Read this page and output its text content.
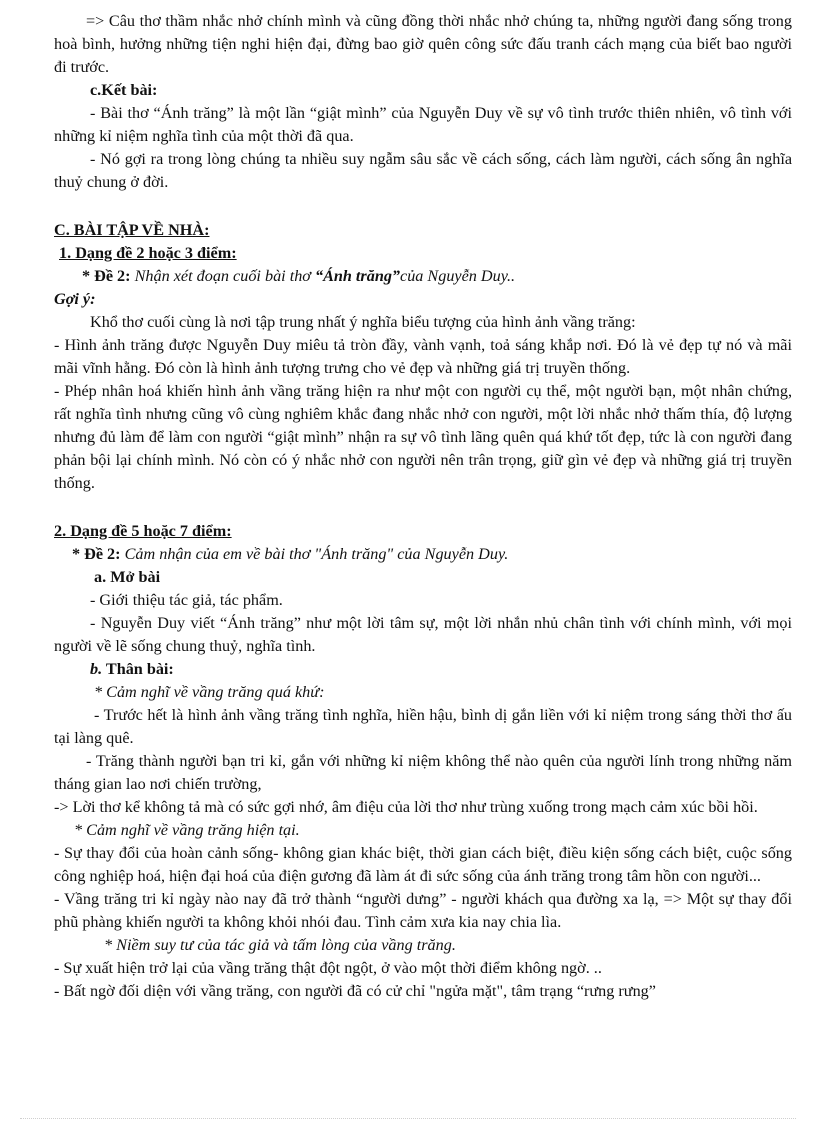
=> Câu thơ thầm nhắc nhở chính mình và cũng đồng thời nhắc nhở chúng ta, những người đang sống trong hoà bình, hưởng những tiện nghi hiện đại, đừng bao giờ quên công sức đấu tranh cách mạng của biết bao người đi trước.

c.Kết bài:

- Bài thơ “Ánh trăng” là một lần “giật mình” của Nguyễn Duy về sự vô tình trước thiên nhiên, vô tình với những kỉ niệm nghĩa tình của một thời đã qua.

- Nó gợi ra trong lòng chúng ta nhiều suy ngẫm sâu sắc về cách sống, cách làm người, cách sống ân nghĩa thuỷ chung ở đời.

C. BÀI TẬP VỀ NHÀ:

1. Dạng đề 2 hoặc 3 điểm:

* Đề 2: Nhận xét đoạn cuối bài thơ “Ánh trăng”của Nguyễn Duy..

Gợi ý:

Khổ thơ cuối cùng là nơi tập trung nhất ý nghĩa biểu tượng của hình ảnh vầng trăng:

- Hình ảnh trăng được Nguyễn Duy miêu tả tròn đầy, vành vạnh, toả sáng khắp nơi. Đó là vẻ đẹp tự nó và mãi mãi vĩnh hằng. Đó còn là hình ảnh tượng trưng cho vẻ đẹp và những giá trị truyền thống.

- Phép nhân hoá khiến hình ảnh vầng trăng hiện ra như một con người cụ thể, một người bạn, một nhân chứng, rất nghĩa tình nhưng cũng vô cùng nghiêm khắc đang nhắc nhở con người, một lời nhắc nhở thấm thía, độ lượng nhưng đủ làm để làm con người “giật mình” nhận ra sự vô tình lãng quên quá khứ tốt đẹp, tức là con người đang phản bội lại chính mình. Nó còn có ý nhắc nhở con người nên trân trọng, giữ gìn vẻ đẹp và những giá trị truyền thống.

2. Dạng đề 5 hoặc 7 điểm:

* Đề 2: Cảm nhận của em về bài thơ "Ánh trăng" của Nguyễn Duy.

a. Mở bài

- Giới thiệu tác giả, tác phẩm.

- Nguyễn Duy viết “Ánh trăng” như một lời tâm sự, một lời nhắn nhủ chân tình với chính mình, với mọi người về lẽ sống chung thuỷ, nghĩa tình.

b. Thân bài:

* Cảm nghĩ về vầng trăng quá khứ:

- Trước hết là hình ảnh vầng trăng tình nghĩa, hiền hậu, bình dị gắn liền với kỉ niệm trong sáng thời thơ ấu tại làng quê.

- Trăng thành người bạn tri kỉ, gắn với những kỉ niệm không thể nào quên của người lính trong những năm tháng gian lao nơi chiến trường,

-> Lời thơ kể không tả mà có sức gợi nhớ, âm điệu của lời thơ như trùng xuống trong mạch cảm xúc bồi hồi.

* Cảm nghĩ về vầng trăng hiện tại.

- Sự thay đổi của hoàn cảnh sống- không gian khác biệt, thời gian cách biệt, điều kiện sống cách biệt, cuộc sống công nghiệp hoá, hiện đại hoá của điện gương đã làm át đi sức sống của ánh trăng trong tâm hồn con người...

- Vầng trăng tri kỉ ngày nào nay đã trở thành “người dưng” - người khách qua đường xa lạ, => Một sự thay đổi phũ phàng khiến người ta không khỏi nhói đau. Tình cảm xưa kia nay chia lìa.

* Niềm suy tư của tác giả và tấm lòng của vầng trăng.

- Sự xuất hiện trở lại của vầng trăng thật đột ngột, ở vào một thời điểm không ngờ. ..

- Bất ngờ đối diện với vầng trăng, con người đã có cử chỉ "ngửa mặt", tâm trạng “rưng rưng”
